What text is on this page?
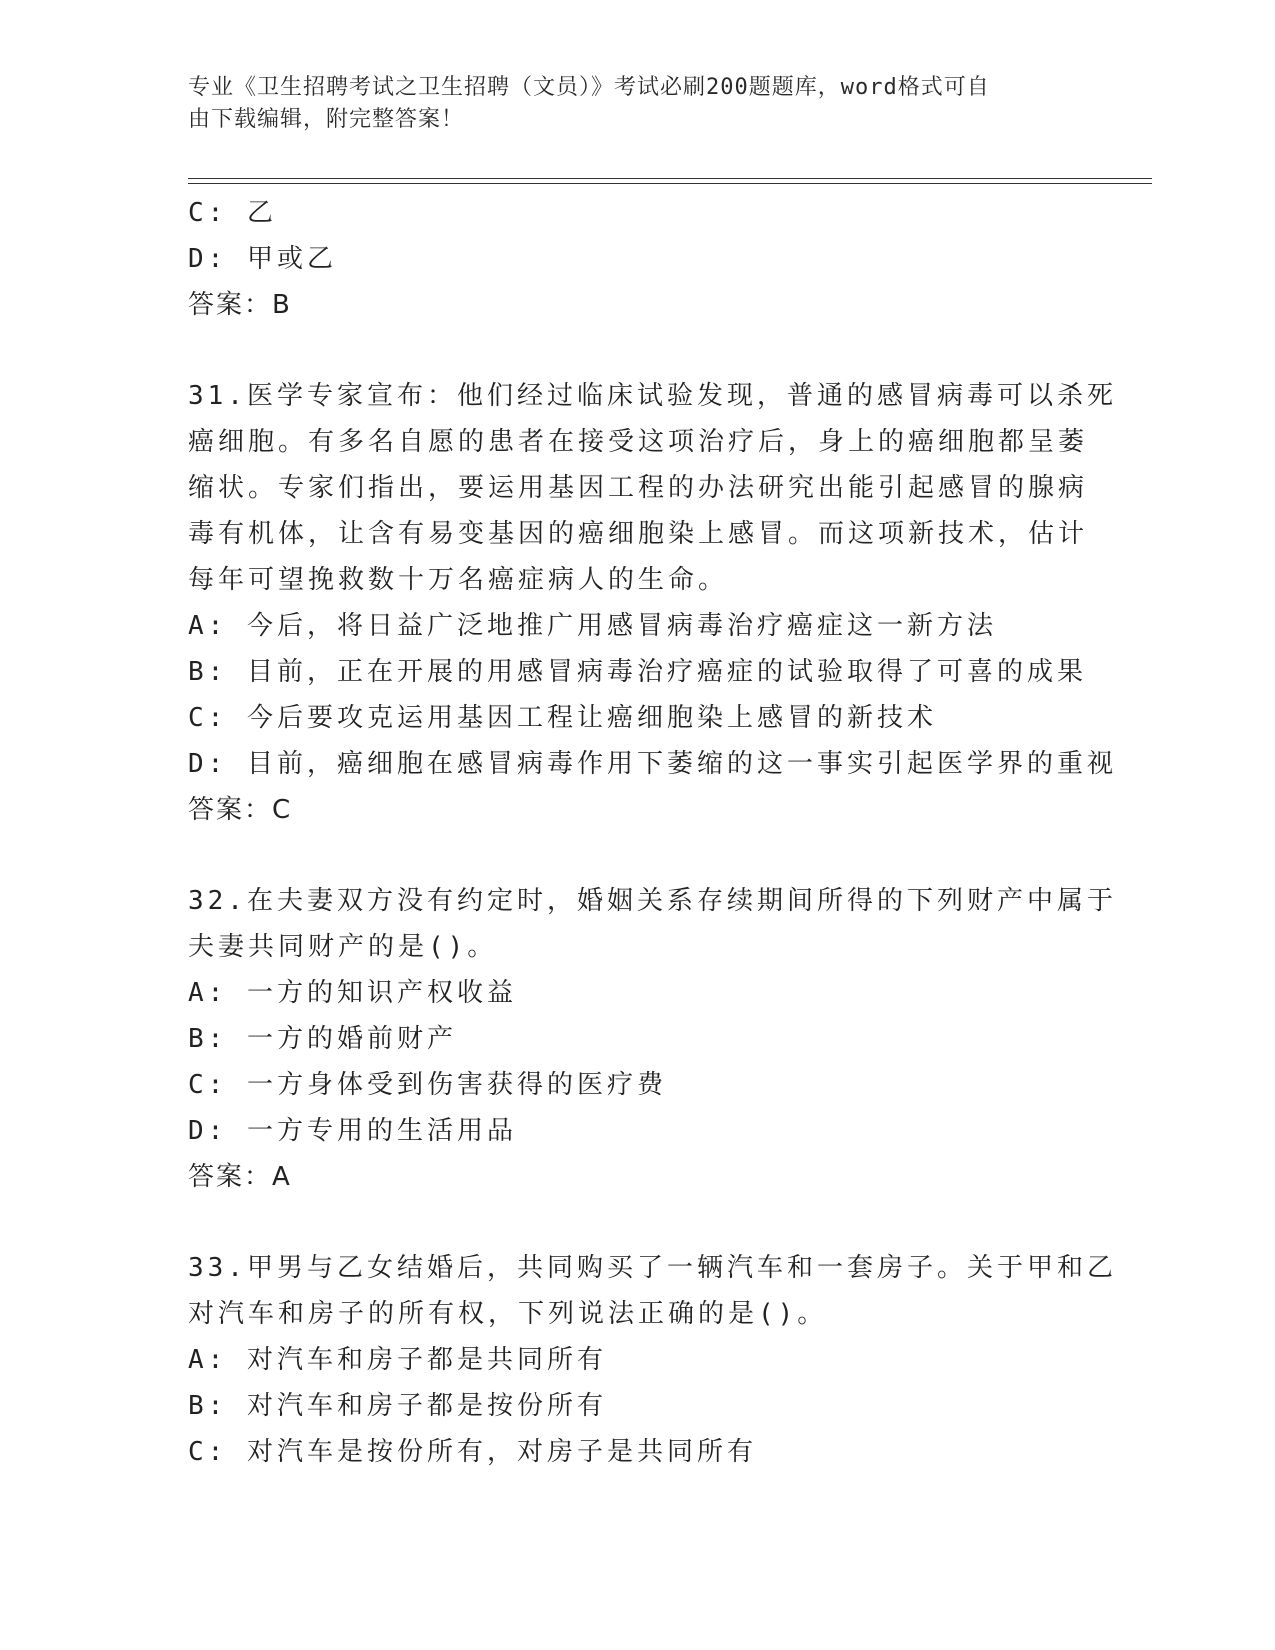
专业《卫生招聘考试之卫生招聘（文员）》考试必刷200题题库，word格式可自
由下载编辑，附完整答案！
C: 乙
D: 甲或乙
答案：B
31.医学专家宣布：他们经过临床试验发现，普通的感冒病毒可以杀死
癌细胞。有多名自愿的患者在接受这项治疗后，身上的癌细胞都呈萎
缩状。专家们指出，要运用基因工程的办法研究出能引起感冒的腺病
毒有机体，让含有易变基因的癌细胞染上感冒。而这项新技术，估计
每年可望挽救数十万名癌症病人的生命。
A: 今后，将日益广泛地推广用感冒病毒治疗癌症这一新方法
B: 目前，正在开展的用感冒病毒治疗癌症的试验取得了可喜的成果
C: 今后要攻克运用基因工程让癌细胞染上感冒的新技术
D: 目前，癌细胞在感冒病毒作用下萎缩的这一事实引起医学界的重视
答案：C
32.在夫妻双方没有约定时，婚姻关系存续期间所得的下列财产中属于
夫妻共同财产的是()。
A: 一方的知识产权收益
B: 一方的婚前财产
C: 一方身体受到伤害获得的医疗费
D: 一方专用的生活用品
答案：A
33.甲男与乙女结婚后，共同购买了一辆汽车和一套房子。关于甲和乙
对汽车和房子的所有权，下列说法正确的是()。
A: 对汽车和房子都是共同所有
B: 对汽车和房子都是按份所有
C: 对汽车是按份所有，对房子是共同所有
